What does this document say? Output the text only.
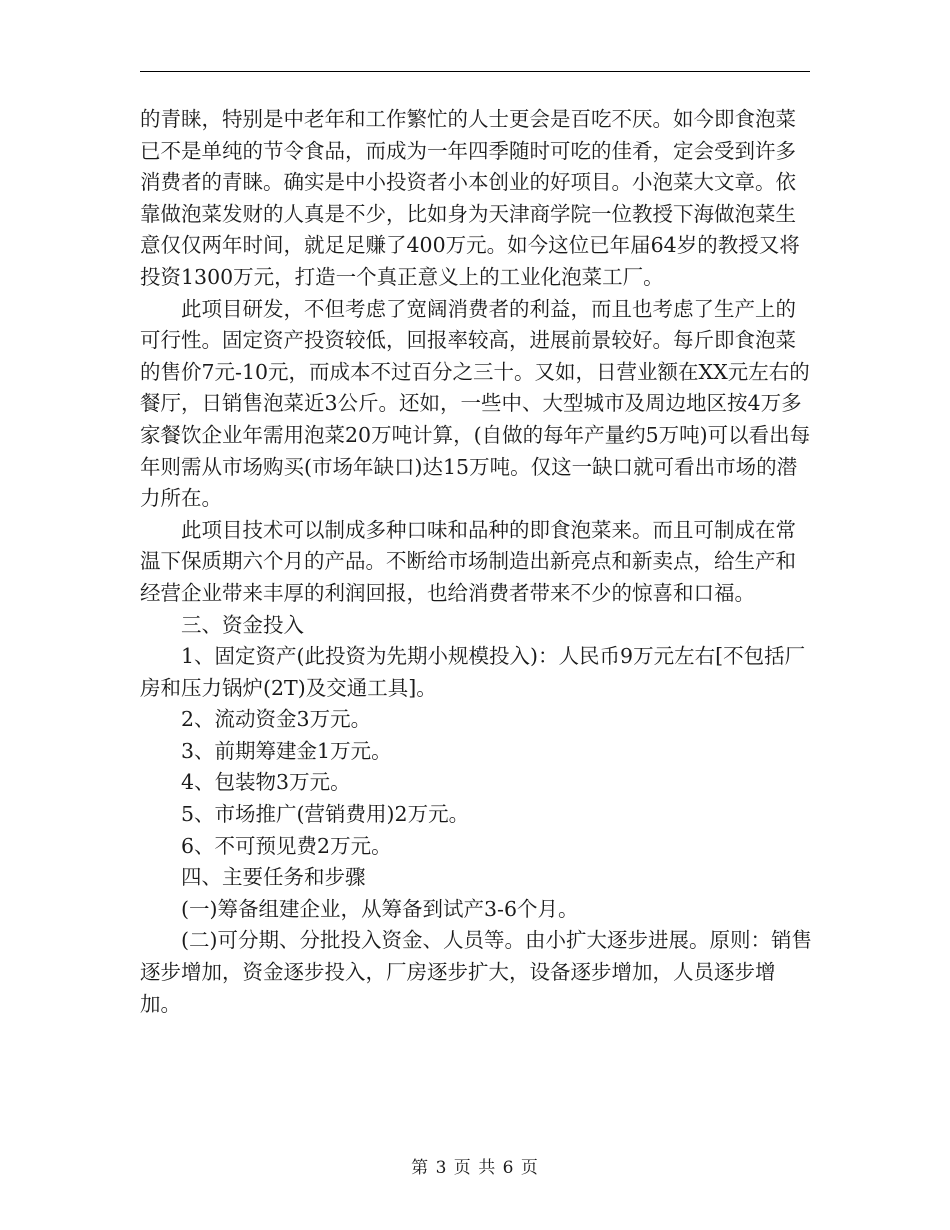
的青睐，特别是中老年和工作繁忙的人士更会是百吃不厌。如今即食泡菜已不是单纯的节令食品，而成为一年四季随时可吃的佳肴，定会受到许多消费者的青睐。确实是中小投资者小本创业的好项目。小泡菜大文章。依靠做泡菜发财的人真是不少，比如身为天津商学院一位教授下海做泡菜生意仅仅两年时间，就足足赚了400万元。如今这位已年届64岁的教授又将投资1300万元，打造一个真正意义上的工业化泡菜工厂。

此项目研发，不但考虑了宽阔消费者的利益，而且也考虑了生产上的可行性。固定资产投资较低，回报率较高，进展前景较好。每斤即食泡菜的售价7元-10元，而成本不过百分之三十。又如，日营业额在XX元左右的餐厅，日销售泡菜近3公斤。还如，一些中、大型城市及周边地区按4万多家餐饮企业年需用泡菜20万吨计算，(自做的每年产量约5万吨)可以看出每年则需从市场购买(市场年缺口)达15万吨。仅这一缺口就可看出市场的潜力所在。

此项目技术可以制成多种口味和品种的即食泡菜来。而且可制成在常温下保质期六个月的产品。不断给市场制造出新亮点和新卖点，给生产和经营企业带来丰厚的利润回报，也给消费者带来不少的惊喜和口福。

三、资金投入

1、固定资产(此投资为先期小规模投入)：人民币9万元左右[不包括厂房和压力锅炉(2T)及交通工具]。

2、流动资金3万元。

3、前期筹建金1万元。

4、包装物3万元。

5、市场推广(营销费用)2万元。

6、不可预见费2万元。

四、主要任务和步骤

(一)筹备组建企业，从筹备到试产3-6个月。

(二)可分期、分批投入资金、人员等。由小扩大逐步进展。原则：销售逐步增加，资金逐步投入，厂房逐步扩大，设备逐步增加，人员逐步增加。

第 3 页 共 6 页
